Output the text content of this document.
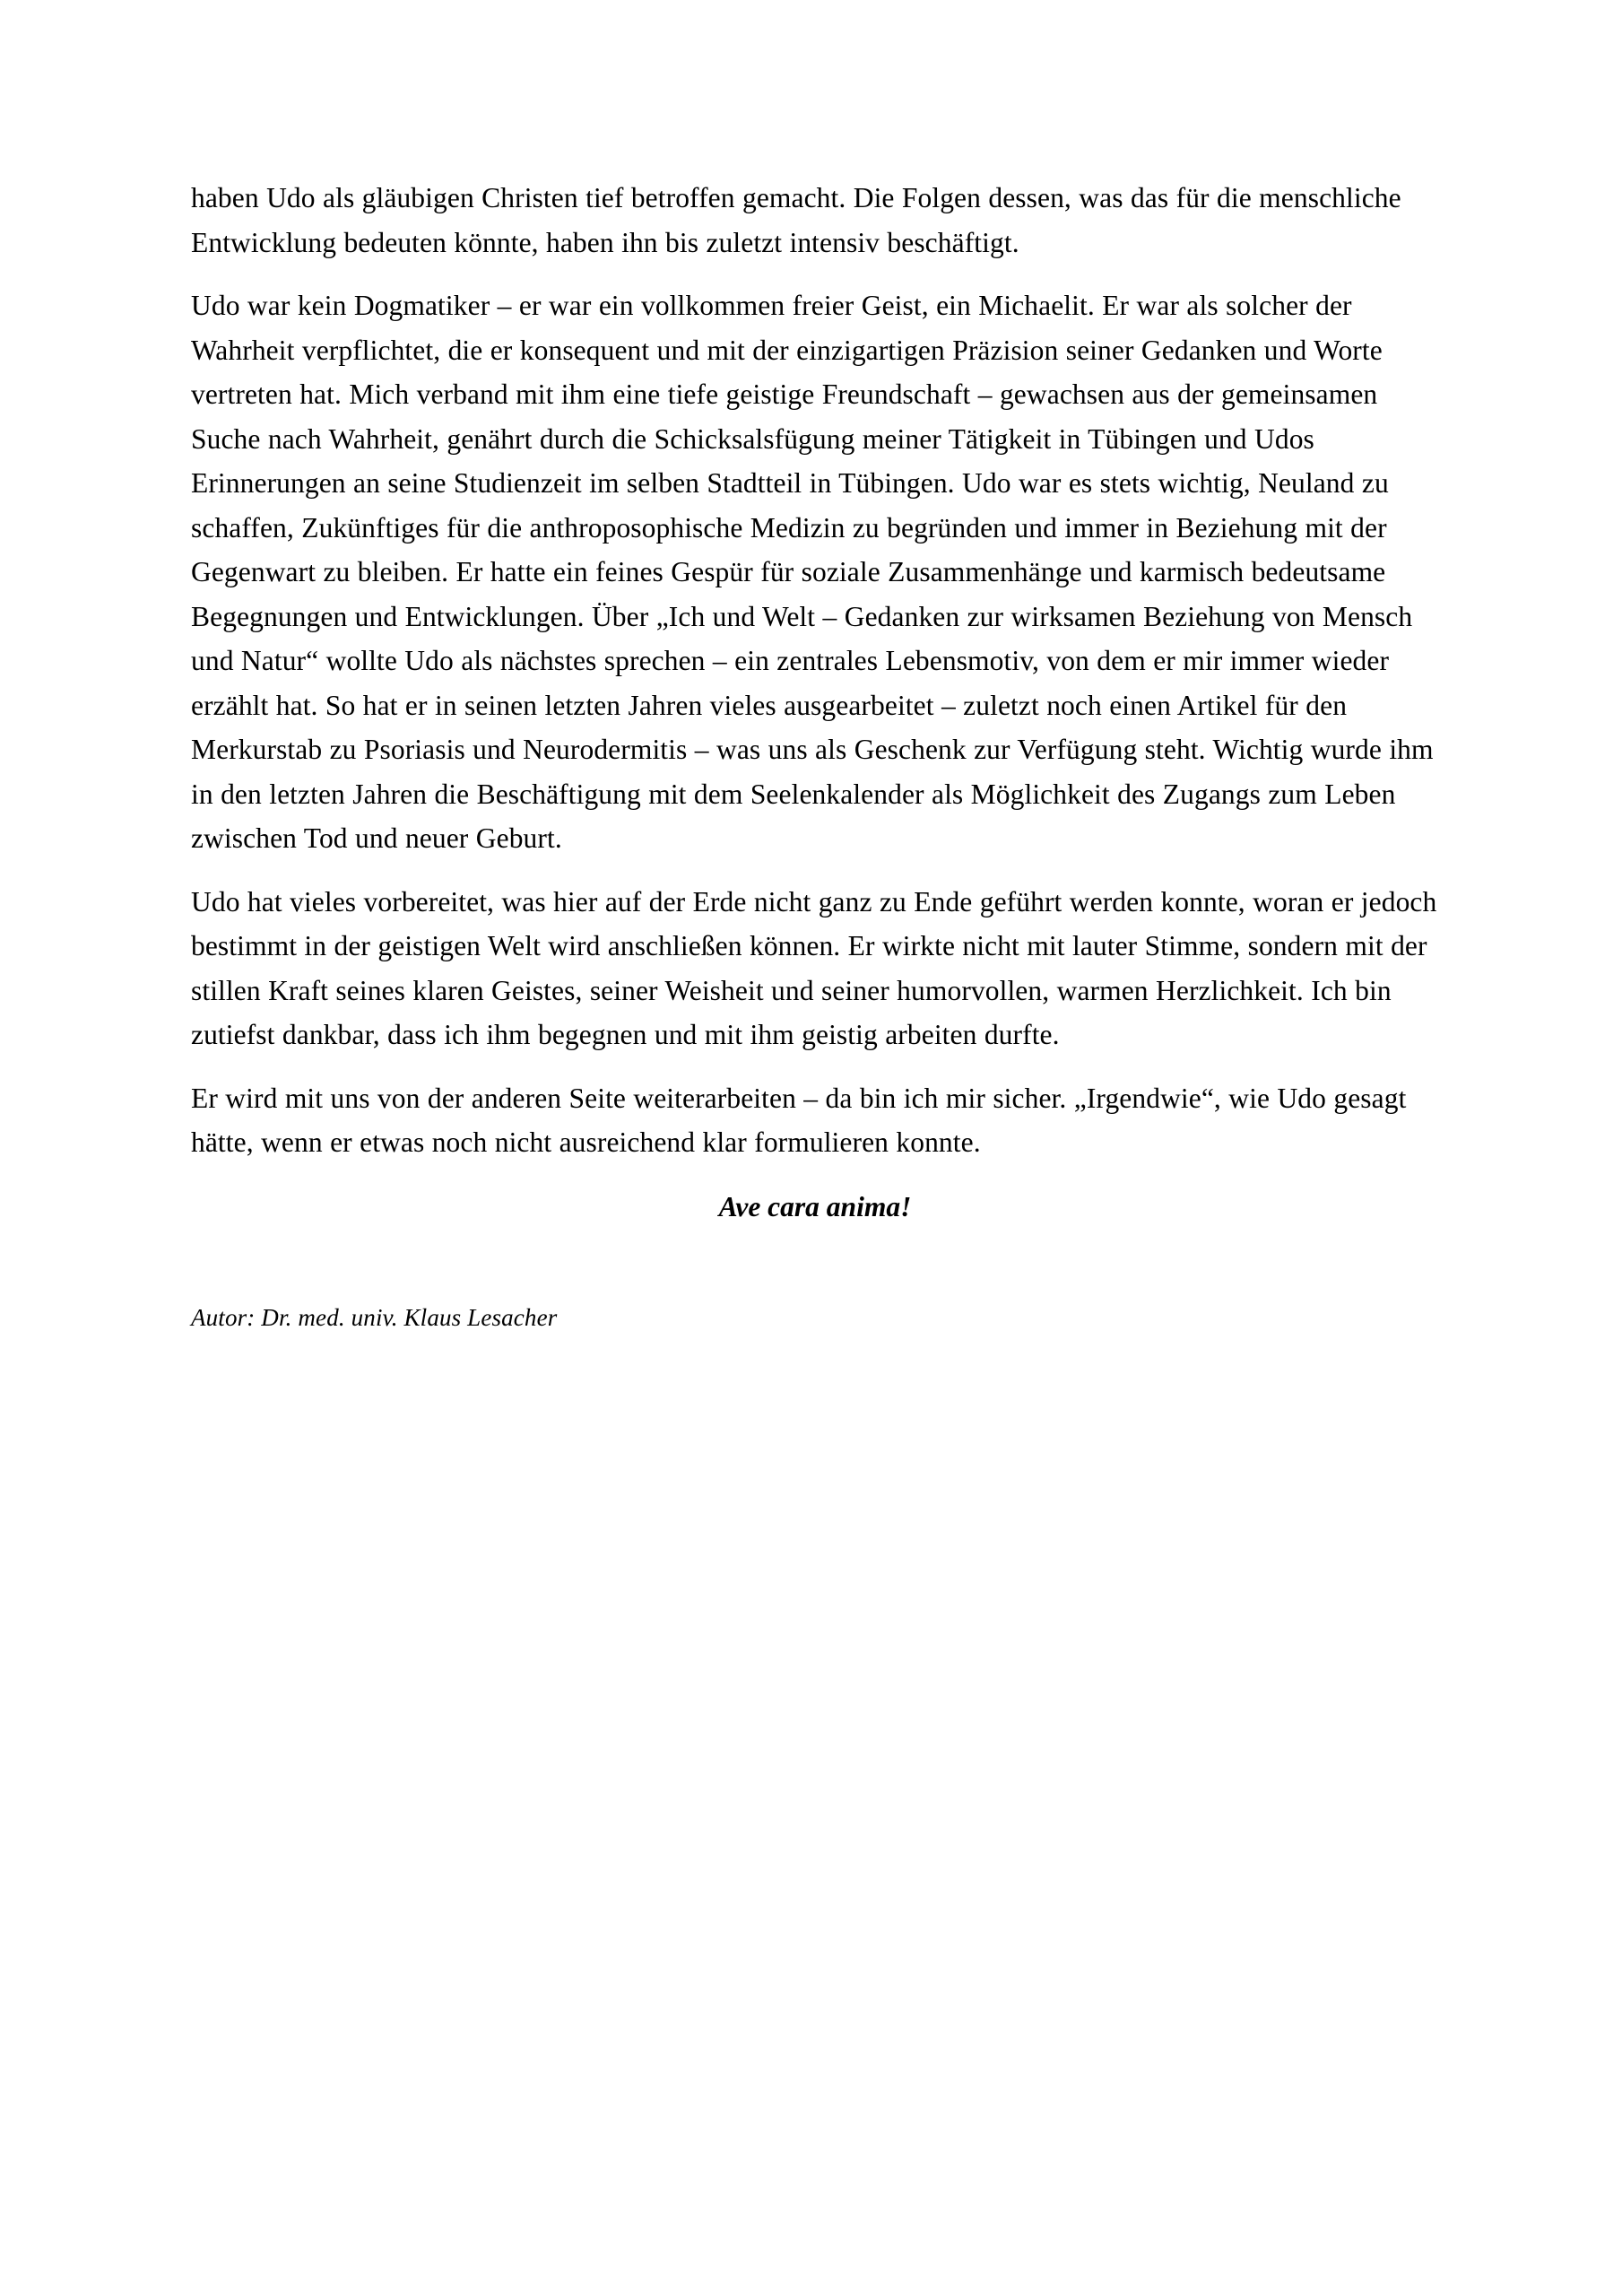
haben Udo als gläubigen Christen tief betroffen gemacht. Die Folgen dessen, was das für die menschliche Entwicklung bedeuten könnte, haben ihn bis zuletzt intensiv beschäftigt.

Udo war kein Dogmatiker – er war ein vollkommen freier Geist, ein Michaelit. Er war als solcher der Wahrheit verpflichtet, die er konsequent und mit der einzigartigen Präzision seiner Gedanken und Worte vertreten hat. Mich verband mit ihm eine tiefe geistige Freundschaft – gewachsen aus der gemeinsamen Suche nach Wahrheit, genährt durch die Schicksalsfügung meiner Tätigkeit in Tübingen und Udos Erinnerungen an seine Studienzeit im selben Stadtteil in Tübingen. Udo war es stets wichtig, Neuland zu schaffen, Zukünftiges für die anthroposophische Medizin zu begründen und immer in Beziehung mit der Gegenwart zu bleiben. Er hatte ein feines Gespür für soziale Zusammenhänge und karmisch bedeutsame Begegnungen und Entwicklungen. Über „Ich und Welt – Gedanken zur wirksamen Beziehung von Mensch und Natur“ wollte Udo als nächstes sprechen – ein zentrales Lebensmotiv, von dem er mir immer wieder erzählt hat. So hat er in seinen letzten Jahren vieles ausgearbeitet – zuletzt noch einen Artikel für den Merkurstab zu Psoriasis und Neurodermitis – was uns als Geschenk zur Verfügung steht. Wichtig wurde ihm in den letzten Jahren die Beschäftigung mit dem Seelenkalender als Möglichkeit des Zugangs zum Leben zwischen Tod und neuer Geburt.

Udo hat vieles vorbereitet, was hier auf der Erde nicht ganz zu Ende geführt werden konnte, woran er jedoch bestimmt in der geistigen Welt wird anschließen können. Er wirkte nicht mit lauter Stimme, sondern mit der stillen Kraft seines klaren Geistes, seiner Weisheit und seiner humorvollen, warmen Herzlichkeit. Ich bin zutiefst dankbar, dass ich ihm begegnen und mit ihm geistig arbeiten durfte.

Er wird mit uns von der anderen Seite weiterarbeiten – da bin ich mir sicher. „Irgendwie“, wie Udo gesagt hätte, wenn er etwas noch nicht ausreichend klar formulieren konnte.

Ave cara anima!

Autor: Dr. med. univ. Klaus Lesacher
